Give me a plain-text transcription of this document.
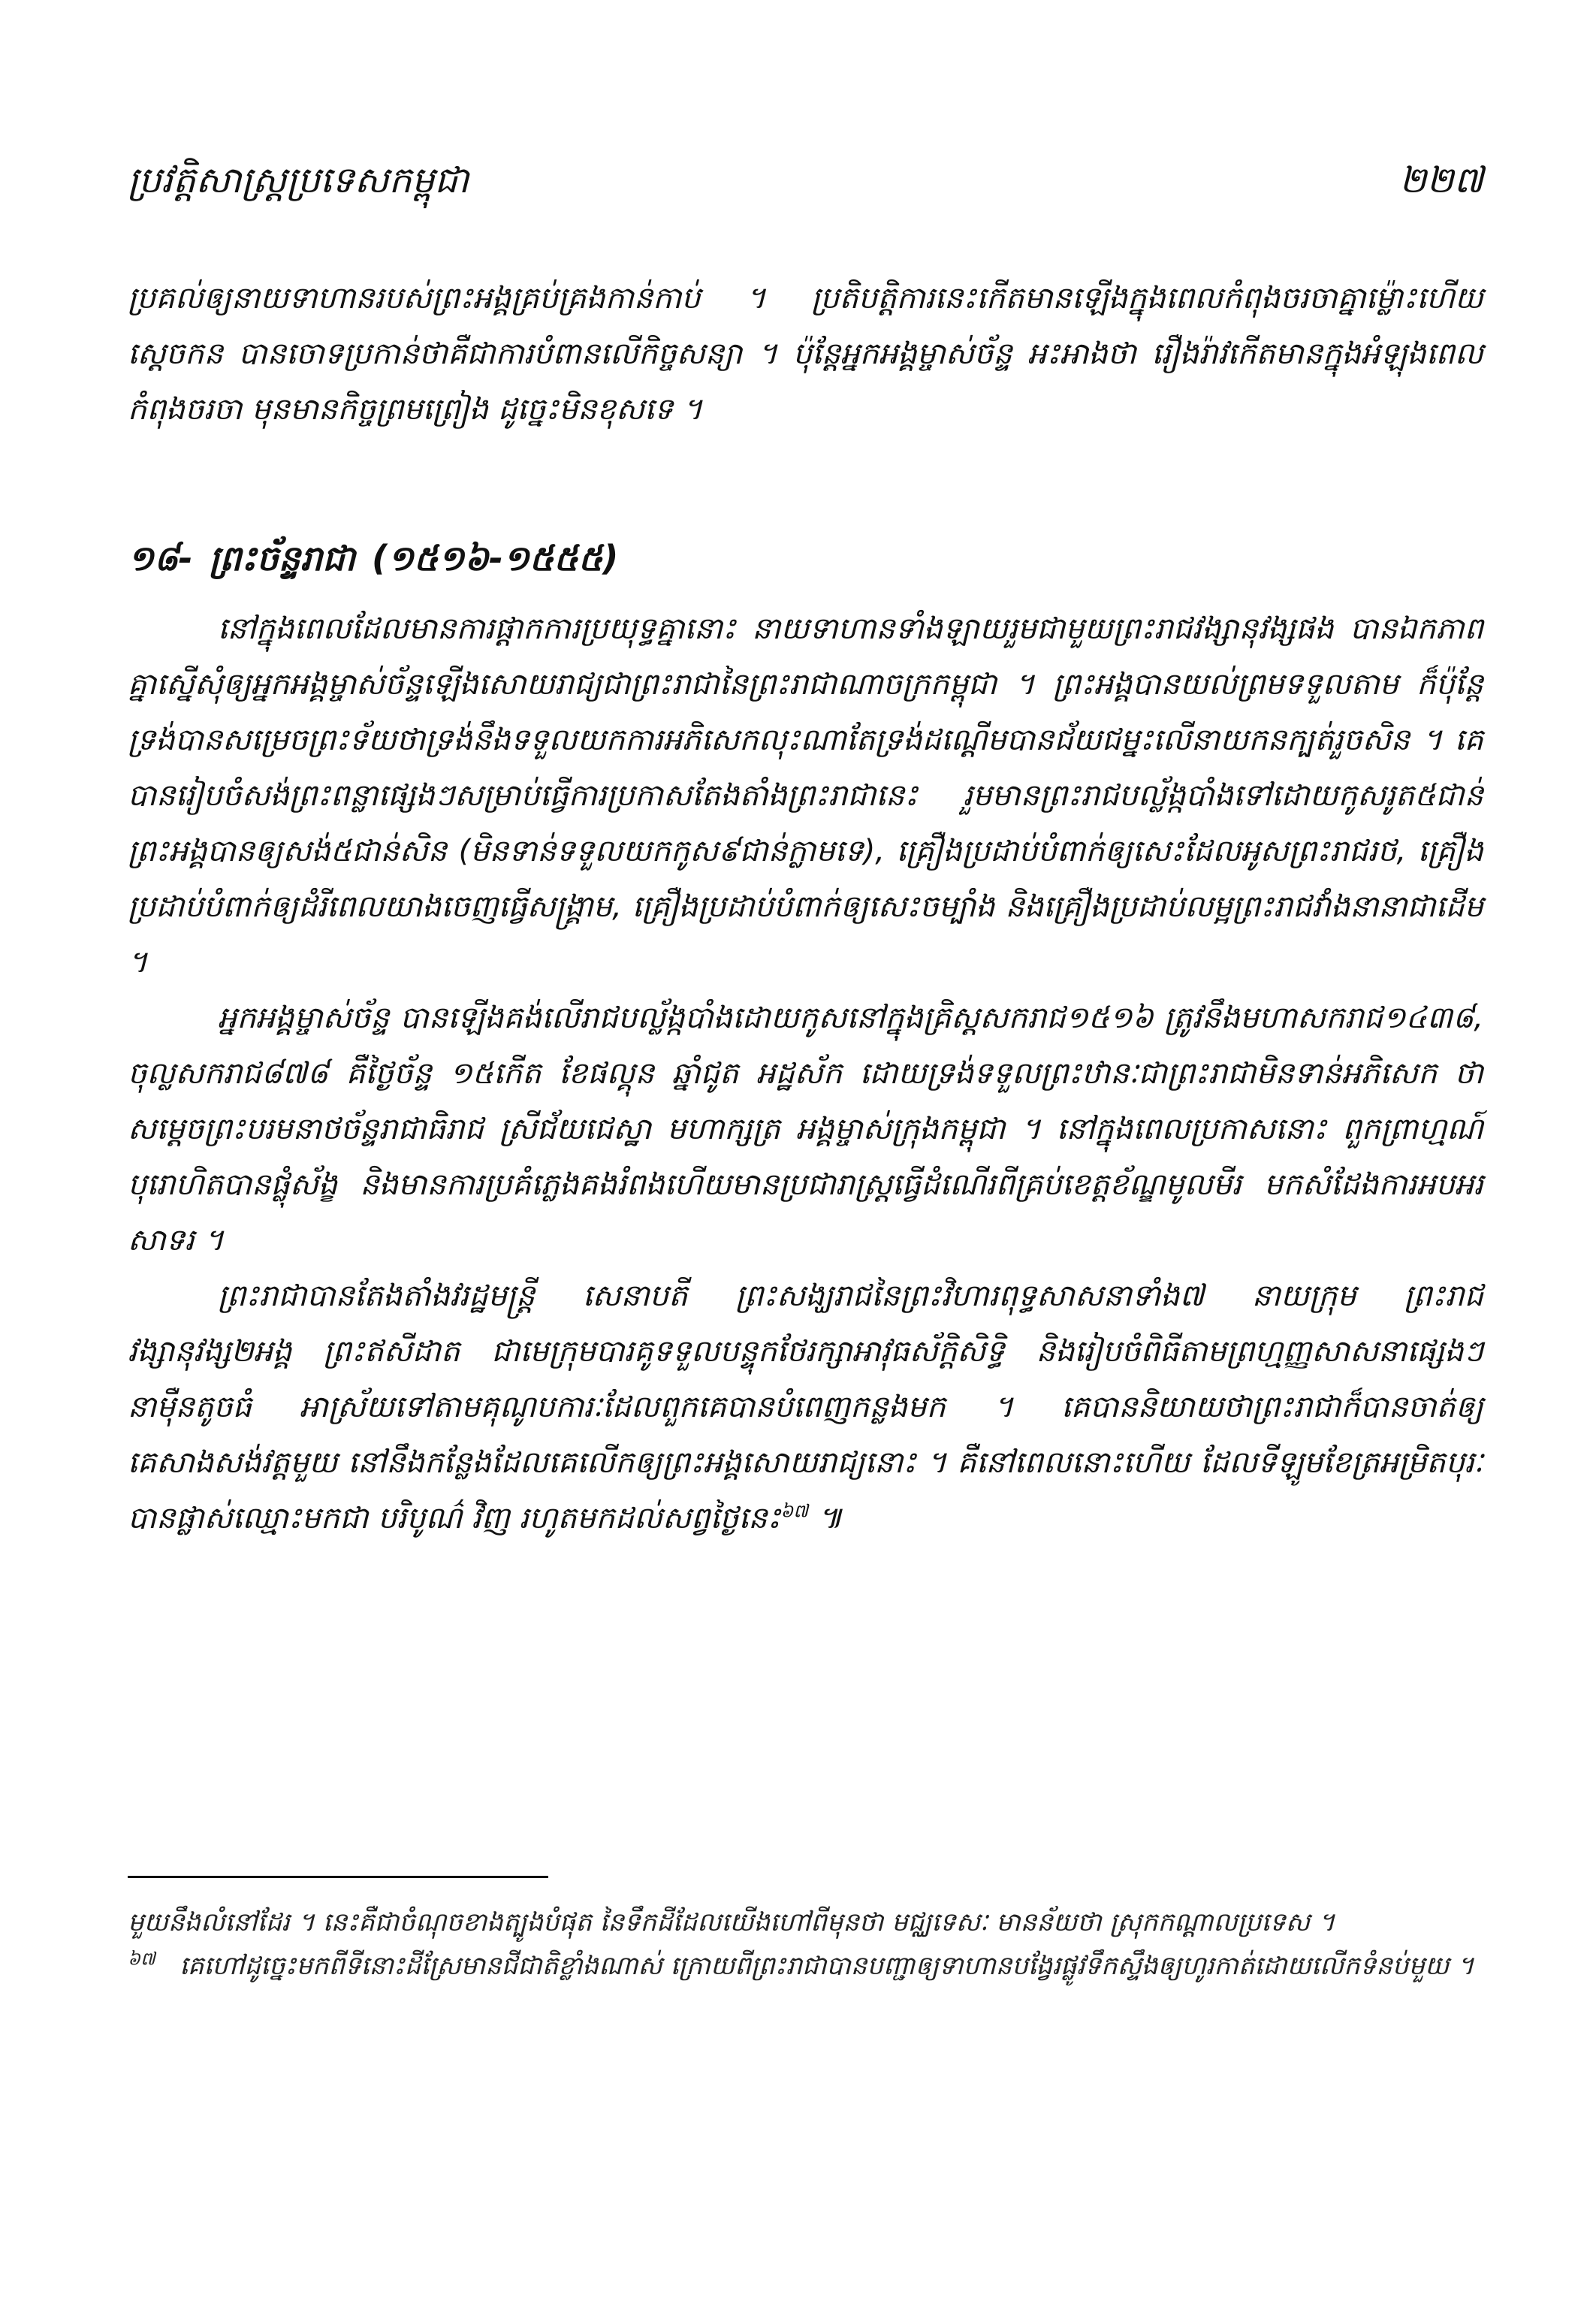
ប្រវត្តិសាស្ត្រប្រទេសកម្ពុជា	២២៧

ប្រគល់ឲ្យនាយទាហានរបស់ព្រះអង្គគ្រប់គ្រងកាន់កាប់ ។ ប្រតិបត្តិការនេះកើតមានឡើងក្នុងពេលកំពុងចរចាគ្នាម្ល៉ោះហើយ ស្តេចកន បានចោទប្រកាន់ថាគឺជាការបំពានលើកិច្ចសន្យា ។ ប៉ុន្តែអ្នកអង្គម្ចាស់ច័ន្ទ អះអាងថា រឿងរ៉ាវកើតមានក្នុងអំឡុងពេលកំពុងចរចា មុនមានកិច្ចព្រមព្រៀង ដូច្នេះមិនខុសទេ ។

១៨- ព្រះច័ន្ទរាជា (១៥១៦-១៥៥៥)

នៅក្នុងពេលដែលមានការផ្ដាកការប្រយុទ្ធគ្នានោះ នាយទាហានទាំងឡាយរួមជាមួយព្រះរាជវង្សានុវង្សផង បានឯកភាពគ្នាស្នើសុំឲ្យអ្នកអង្គម្ចាស់ច័ន្ទឡើងសោយរាជ្យជាព្រះរាជានៃព្រះរាជាណាចក្រកម្ពុជា ។ ព្រះអង្គបានយល់ព្រមទទួលតាម ក៏ប៉ុន្តែទ្រង់បានសម្រេចព្រះទ័យថាទ្រង់នឹងទទួលយកការអភិសេកលុះណាតែទ្រង់ដណ្ដើមបានជ័យជម្នះលើនាយកនក្បត់រួចសិន ។ គេបានរៀបចំសង់ព្រះពន្លាផ្សេងៗសម្រាប់ធ្វើការប្រកាសតែងតាំងព្រះរាជានេះ រួមមានព្រះរាជបល្ល័ង្កបាំងទៅដោយកូសរូត៥ជាន់ ព្រះអង្គបានឲ្យសង់៥ជាន់សិន (មិនទាន់ទទួលយកកូស៩ជាន់ក្លាមទេ), គ្រឿងប្រដាប់បំពាក់ឲ្យសេះដែលអូសព្រះរាជរថ, គ្រឿងប្រដាប់បំពាក់ឲ្យដំរីពេលយាងចេញធ្វើសង្គ្រាម, គ្រឿងប្រដាប់បំពាក់ឲ្យសេះចម្បាំង និងគ្រឿងប្រដាប់លម្អព្រះរាជវាំងនានាជាដើម ។

អ្នកអង្គម្ចាស់ច័ន្ទ បានឡើងគង់លើរាជបល្ល័ង្កបាំងដោយកូសនៅក្នុងគ្រិស្តសករាជ១៥១៦ ត្រូវនឹងមហាសករាជ១៤៣៨, ចុល្លសករាជ៨៧៨ គឺថ្ងៃច័ន្ទ ១៥កើត ខែផល្គុន ឆ្នាំជូត អដ្ឋស័ក ដោយទ្រង់ទទួលព្រះឋានៈជាព្រះរាជាមិនទាន់អភិសេក ថាសម្ដេចព្រះបរមនាថច័ន្ទរាជាធិរាជ ស្រីជ័យជេស្ឋា មហាក្សត្រ អង្គម្ចាស់ក្រុងកម្ពុជា ។ នៅក្នុងពេលប្រកាសនោះ ពួកព្រាហ្មណ៍បុរោហិតបានផ្លុំស័ង្ខ និងមានការប្រគំភ្លេងគងរំពងហើយមានប្រជារាស្ត្រធ្វើដំណើរពីគ្រប់ខេត្តខ័ណ្ឌមូលមីរ មកសំដែងការអបអរសាទរ ។

ព្រះរាជាបានតែងតាំងវរដ្ឋមន្ត្រី សេនាបតី ព្រះសង្ឃរាជនៃព្រះវិហារពុទ្ធសាសនាទាំង៧ នាយក្រុម ព្រះរាជវង្សានុវង្ស២អង្គ ព្រះឥសីដាត ជាមេក្រុមបារគូទទួលបន្ទុកថែរក្សាអាវុធស័ក្ដិសិទ្ធិ និងរៀបចំពិធីតាមព្រហ្មញ្ញសាសនាផ្សេងៗ នាម៉ឺនតូចធំ អាស្រ័យទៅតាមគុណូបការៈដែលពួកគេបានបំពេញកន្លងមក ។ គេបាននិយាយថាព្រះរាជាក៏បានចាត់ឲ្យគេសាងសង់វត្តមួយ នៅនឹងកន្លែងដែលគេលើកឲ្យព្រះអង្គសោយរាជ្យនោះ ។ គឺនៅពេលនោះហើយ ដែលទីឡូមខែត្រអម្រិតបុរៈ បានផ្លាស់ឈ្មោះមកជា បរិបូណ៌ វិញ រហូតមកដល់សព្វថ្ងៃនេះ$^{៦៧}$ ៕

មួយនឹងលំនៅដែរ ។ នេះគឺជាចំណុចខាងត្បូងបំផុត នៃទឹកដីដែលយើងហៅពីមុនថា មជ្ឈទេសៈ មានន័យថា ស្រុកកណ្ដាលប្រទេស ។

$^{៦៧}$ គេហៅដូច្នេះមកពីទីនោះដីស្រែមានជីជាតិខ្លាំងណាស់ ក្រោយពីព្រះរាជាបានបញ្ជាឲ្យទាហានបង្វែរផ្លូវទឹកស្ទឹងឲ្យហូរកាត់ដោយលើកទំនប់មួយ ។
